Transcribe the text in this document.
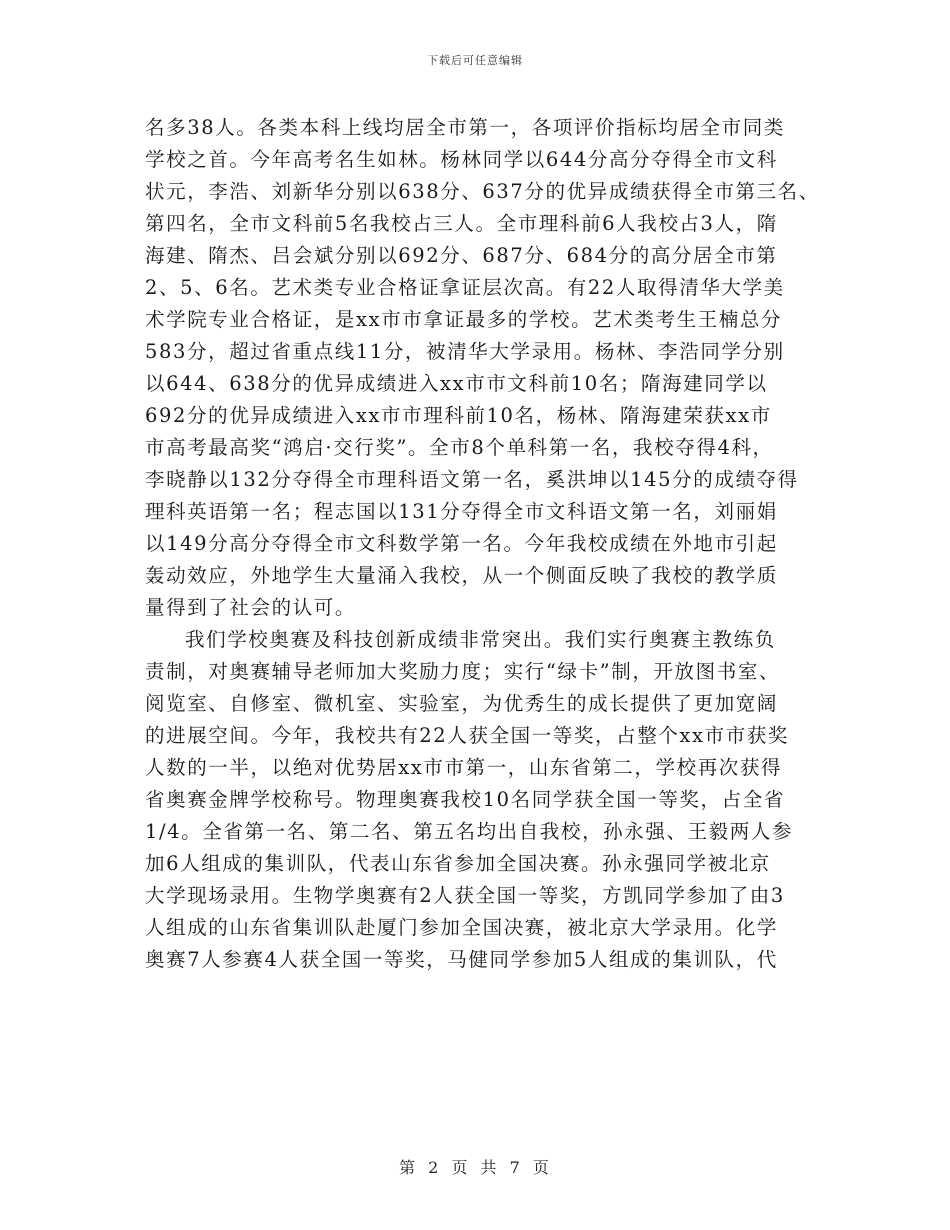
下载后可任意编辑
名多38人。各类本科上线均居全市第一，各项评价指标均居全市同类
学校之首。今年高考名生如林。杨林同学以644分高分夺得全市文科
状元，李浩、刘新华分别以638分、637分的优异成绩获得全市第三名、
第四名，全市文科前5名我校占三人。全市理科前6人我校占3人，隋
海建、隋杰、吕会斌分别以692分、687分、684分的高分居全市第
2、5、6名。艺术类专业合格证拿证层次高。有22人取得清华大学美
术学院专业合格证，是xx市市拿证最多的学校。艺术类考生王楠总分
583分，超过省重点线11分，被清华大学录用。杨林、李浩同学分别
以644、638分的优异成绩进入xx市市文科前10名；隋海建同学以
692分的优异成绩进入xx市市理科前10名，杨林、隋海建荣获xx市
市高考最高奖“鸿启·交行奖”。全市8个单科第一名，我校夺得4科，
李晓静以132分夺得全市理科语文第一名，奚洪坤以145分的成绩夺得
理科英语第一名；程志国以131分夺得全市文科语文第一名，刘丽娟
以149分高分夺得全市文科数学第一名。今年我校成绩在外地市引起
轰动效应，外地学生大量涌入我校，从一个侧面反映了我校的教学质
量得到了社会的认可。
我们学校奥赛及科技创新成绩非常突出。我们实行奥赛主教练负
责制，对奥赛辅导老师加大奖励力度；实行“绿卡”制，开放图书室、
阅览室、自修室、微机室、实验室，为优秀生的成长提供了更加宽阔
的进展空间。今年，我校共有22人获全国一等奖，占整个xx市市获奖
人数的一半，以绝对优势居xx市市第一，山东省第二，学校再次获得
省奥赛金牌学校称号。物理奥赛我校10名同学获全国一等奖，占全省
1/4。全省第一名、第二名、第五名均出自我校，孙永强、王毅两人参
加6人组成的集训队，代表山东省参加全国决赛。孙永强同学被北京
大学现场录用。生物学奥赛有2人获全国一等奖，方凯同学参加了由3
人组成的山东省集训队赴厦门参加全国决赛，被北京大学录用。化学
奥赛7人参赛4人获全国一等奖，马健同学参加5人组成的集训队，代
第 2 页 共 7 页
